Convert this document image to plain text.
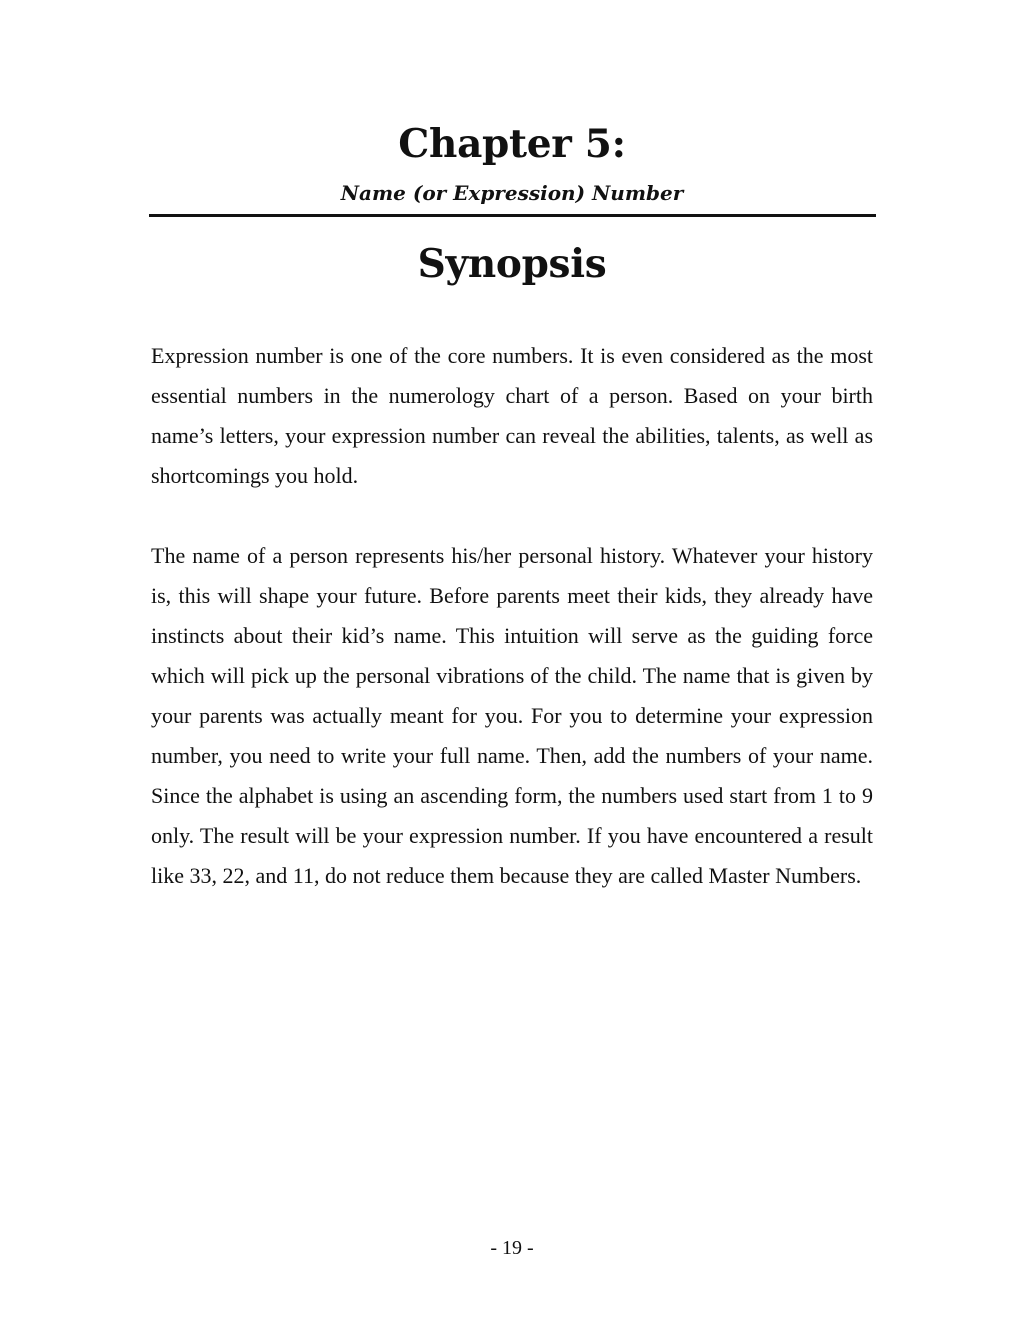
Chapter 5:
Name (or Expression) Number
Synopsis

Expression number is one of the core numbers. It is even considered as the most essential numbers in the numerology chart of a person. Based on your birth name’s letters, your expression number can reveal the abilities, talents, as well as shortcomings you hold.

The name of a person represents his/her personal history. Whatever your history is, this will shape your future. Before parents meet their kids, they already have instincts about their kid’s name. This intuition will serve as the guiding force which will pick up the personal vibrations of the child. The name that is given by your parents was actually meant for you. For you to determine your expression number, you need to write your full name. Then, add the numbers of your name. Since the alphabet is using an ascending form, the numbers used start from 1 to 9 only. The result will be your expression number. If you have encountered a result like 33, 22, and 11, do not reduce them because they are called Master Numbers.

- 19 -
